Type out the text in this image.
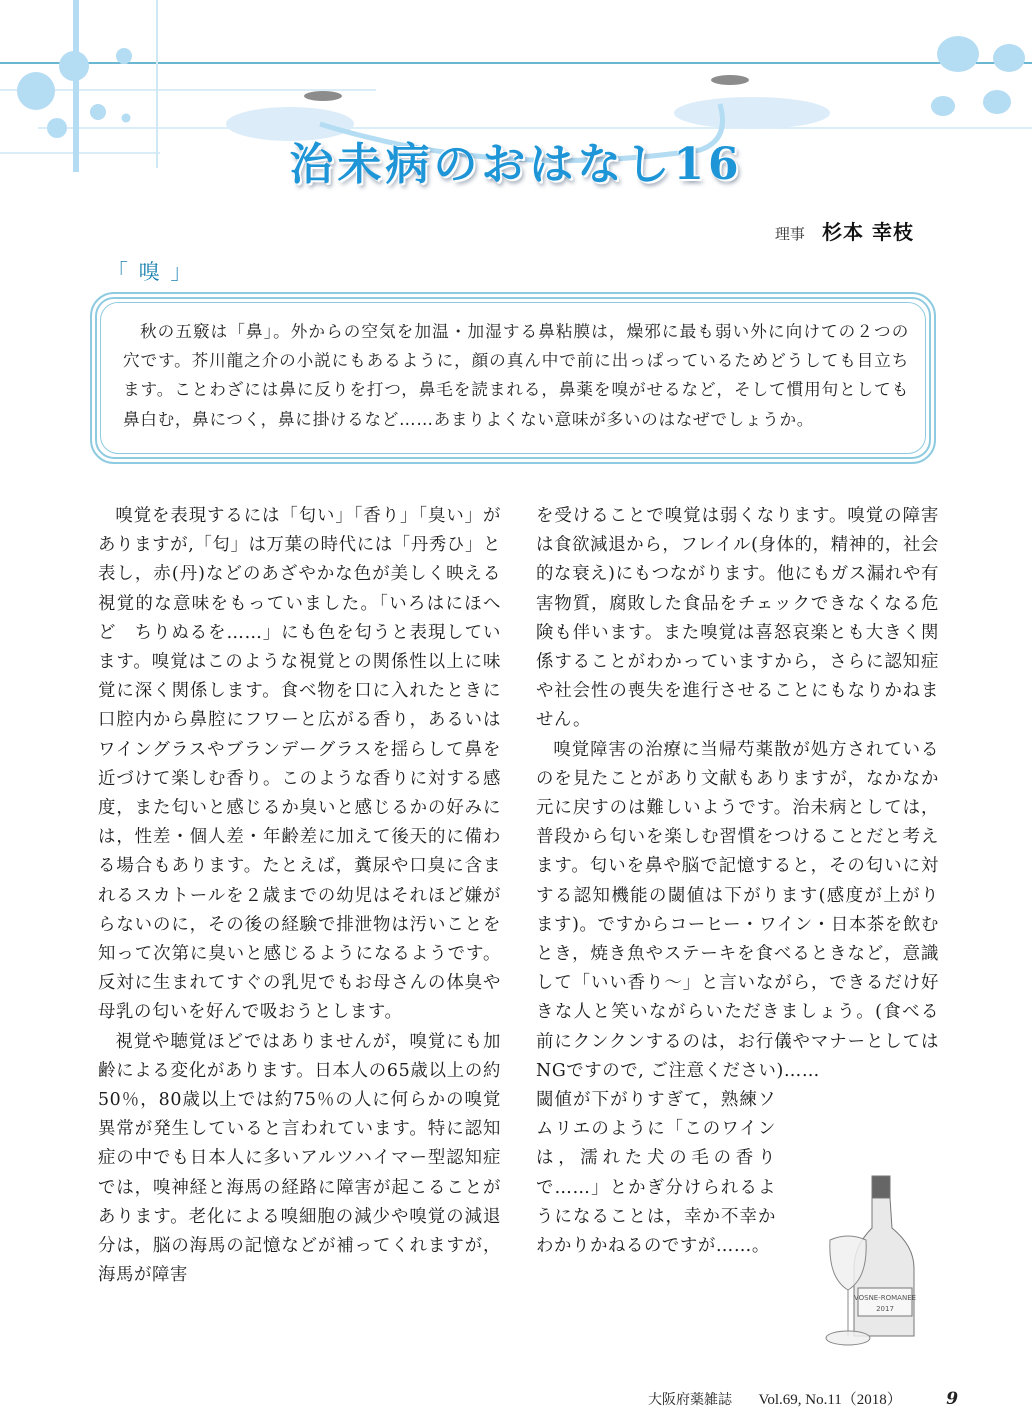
治未病のおはなし16
理事 杉本 幸枝
「 嗅 」
秋の五竅は「鼻」。外からの空気を加温・加湿する鼻粘膜は，燥邪に最も弱い外に向けての２つの穴です。芥川龍之介の小説にもあるように，顔の真ん中で前に出っぱっているためどうしても目立ちます。ことわざには鼻に反りを打つ，鼻毛を読まれる，鼻薬を嗅がせるなど，そして慣用句としても鼻白む，鼻につく，鼻に掛けるなど……あまりよくない意味が多いのはなぜでしょうか。

嗅覚を表現するには「匂い」「香り」「臭い」がありますが,「匂」は万葉の時代には「丹秀ひ」と表し，赤(丹)などのあざやかな色が美しく映える視覚的な意味をもっていました。「いろはにほへど　ちりぬるを……」にも色を匂うと表現しています。嗅覚はこのような視覚との関係性以上に味覚に深く関係します。食べ物を口に入れたときに口腔内から鼻腔にフワーと広がる香り，あるいはワイングラスやブランデーグラスを揺らして鼻を近づけて楽しむ香り。このような香りに対する感度，また匂いと感じるか臭いと感じるかの好みには，性差・個人差・年齢差に加えて後天的に備わる場合もあります。たとえば，糞尿や口臭に含まれるスカトールを２歳までの幼児はそれほど嫌がらないのに，その後の経験で排泄物は汚いことを知って次第に臭いと感じるようになるようです。反対に生まれてすぐの乳児でもお母さんの体臭や母乳の匂いを好んで吸おうとします。

視覚や聴覚ほどではありませんが，嗅覚にも加齢による変化があります。日本人の65歳以上の約50％，80歳以上では約75％の人に何らかの嗅覚異常が発生していると言われています。特に認知症の中でも日本人に多いアルツハイマー型認知症では，嗅神経と海馬の経路に障害が起こることがあります。老化による嗅細胞の減少や嗅覚の減退分は，脳の海馬の記憶などが補ってくれますが，海馬が障害

を受けることで嗅覚は弱くなります。嗅覚の障害は食欲減退から，フレイル(身体的，精神的，社会的な衰え)にもつながります。他にもガス漏れや有害物質，腐敗した食品をチェックできなくなる危険も伴います。また嗅覚は喜怒哀楽とも大きく関係することがわかっていますから，さらに認知症や社会性の喪失を進行させることにもなりかねません。

嗅覚障害の治療に当帰芍薬散が処方されているのを見たことがあり文献もありますが，なかなか元に戻すのは難しいようです。治未病としては，普段から匂いを楽しむ習慣をつけることだと考えます。匂いを鼻や脳で記憶すると，その匂いに対する認知機能の閾値は下がります(感度が上がります)。ですからコーヒー・ワイン・日本茶を飲むとき，焼き魚やステーキを食べるときなど，意識して「いい香り～」と言いながら，できるだけ好きな人と笑いながらいただきましょう。(食べる前にクンクンするのは，お行儀やマナーとしてはNGですので, ご注意ください)……

閾値が下がりすぎて，熟練ソムリエのように「このワインは，濡れた犬の毛の香りで……」とかぎ分けられるようになることは，幸か不幸かわかりかねるのですが……。

VOSNE-ROMANEE
2017
大阪府薬雑誌 Vol.69, No.11（2018）	9
